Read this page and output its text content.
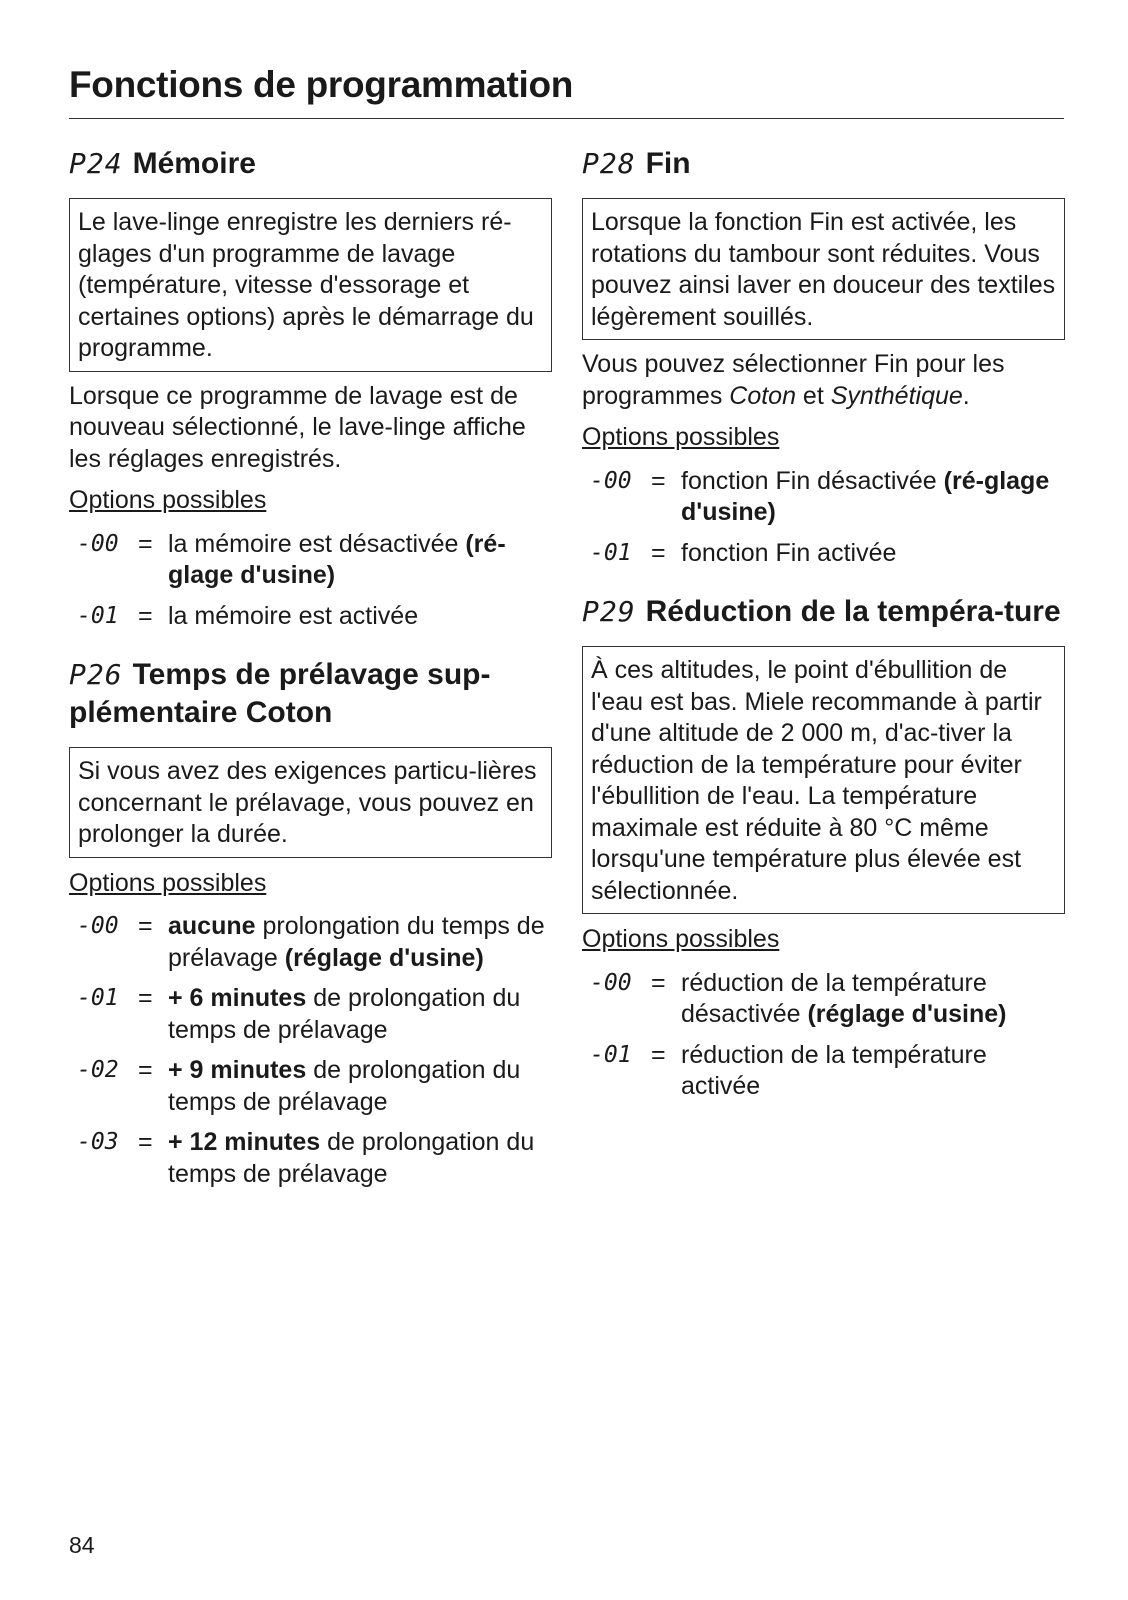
Fonctions de programmation
P24 Mémoire
Le lave-linge enregistre les derniers ré-glages d'un programme de lavage (température, vitesse d'essorage et certaines options) après le démarrage du programme.

Lorsque ce programme de lavage est de nouveau sélectionné, le lave-linge affiche les réglages enregistrés.

Options possibles
-00 = la mémoire est désactivée (ré-glage d'usine)
-01 = la mémoire est activée
P26 Temps de prélavage sup-plémentaire Coton
Si vous avez des exigences particu-lières concernant le prélavage, vous pouvez en prolonger la durée.
Options possibles
-00 = aucune prolongation du temps de prélavage (réglage d'usine)
-01 = + 6 minutes de prolongation du temps de prélavage
-02 = + 9 minutes de prolongation du temps de prélavage
-03 = + 12 minutes de prolongation du temps de prélavage
P28 Fin
Lorsque la fonction Fin est activée, les rotations du tambour sont réduites. Vous pouvez ainsi laver en douceur des textiles légèrement souillés.

Vous pouvez sélectionner Fin pour les programmes Coton et Synthétique.

Options possibles
-00 = fonction Fin désactivée (ré-glage d'usine)
-01 = fonction Fin activée
P29 Réduction de la tempéra-ture
À ces altitudes, le point d'ébullition de l'eau est bas. Miele recommande à partir d'une altitude de 2 000 m, d'ac-tiver la réduction de la température pour éviter l'ébullition de l'eau. La température maximale est réduite à 80 °C même lorsqu'une température plus élevée est sélectionnée.
Options possibles
-00 = réduction de la température désactivée (réglage d'usine)
-01 = réduction de la température activée
84
